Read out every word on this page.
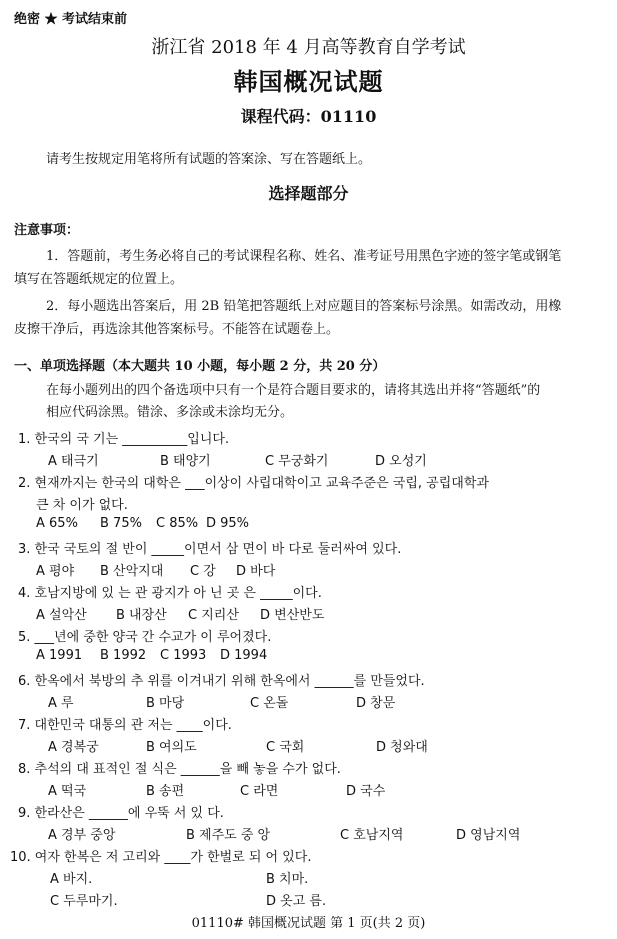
绝密 ★ 考试结束前
浙江省 2018 年 4 月高等教育自学考试
韩国概况试题
课程代码：01110
请考生按规定用笔将所有试题的答案涂、写在答题纸上。
选择题部分
注意事项：
1．答题前，考生务必将自己的考试课程名称、姓名、准考证号用黑色字迹的签字笔或钢笔
填写在答题纸规定的位置上。
2．每小题选出答案后，用 2B 铅笔把答题纸上对应题目的答案标号涂黑。如需改动，用橡
皮擦干净后，再选涂其他答案标号。不能答在试题卷上。
一、单项选择题（本大题共 10 小题，每小题 2 分，共 20 分）
在每小题列出的四个备选项中只有一个是符合题目要求的，请将其选出并将“答题纸”的
相应代码涂黑。错涂、多涂或未涂均无分。
1. 한국의 국 기는 __________입니다.
A 태극기	B 태양기	C 무궁화기	D 오성기
2. 현재까지는 한국의 대학은 ___이상이 사립대학이고 교육주준은 국립, 공립대학과
큰 차 이가 없다.
A 65% B 75% C 85% D 95%
3. 한국 국토의 절 반이 _____이면서 삼 면이 바 다로 둘러싸여 있다.
A 평야 B 산악지대 C 강 D 바다
4. 호남지방에 있 는 관 광지가 아 닌 곳 은 _____이다.
A 설악산 B 내장산 C 지리산 D 변산반도
5. ___년에 중한 양국 간 수교가 이 루어졌다.
A 1991 B 1992 C 1993 D 1994
6. 한옥에서 북방의 추 위를 이겨내기 위해 한옥에서 ______를 만들었다.
A 루	B 마당	C 온돌	D 창문
7. 대한민국 대통의 관 저는 ____이다.
A 경복궁	B 여의도	C 국회	D 청와대
8. 추석의 대 표적인 절 식은 ______을 빼 놓을 수가 없다.
A 떡국	B 송편	C 라면	D 국수
9. 한라산은 ______에 우뚝 서 있 다.
A 경부 중앙	B 제주도 중 앙	C 호남지역	D 영남지역
10. 여자 한복은 저 고리와 ____가 한벌로 되 어 있다.
A 바지.	B 치마.
C 두루마기.	D 옷고 름.
01110# 韩国概况试题 第 1 页(共 2 页)
